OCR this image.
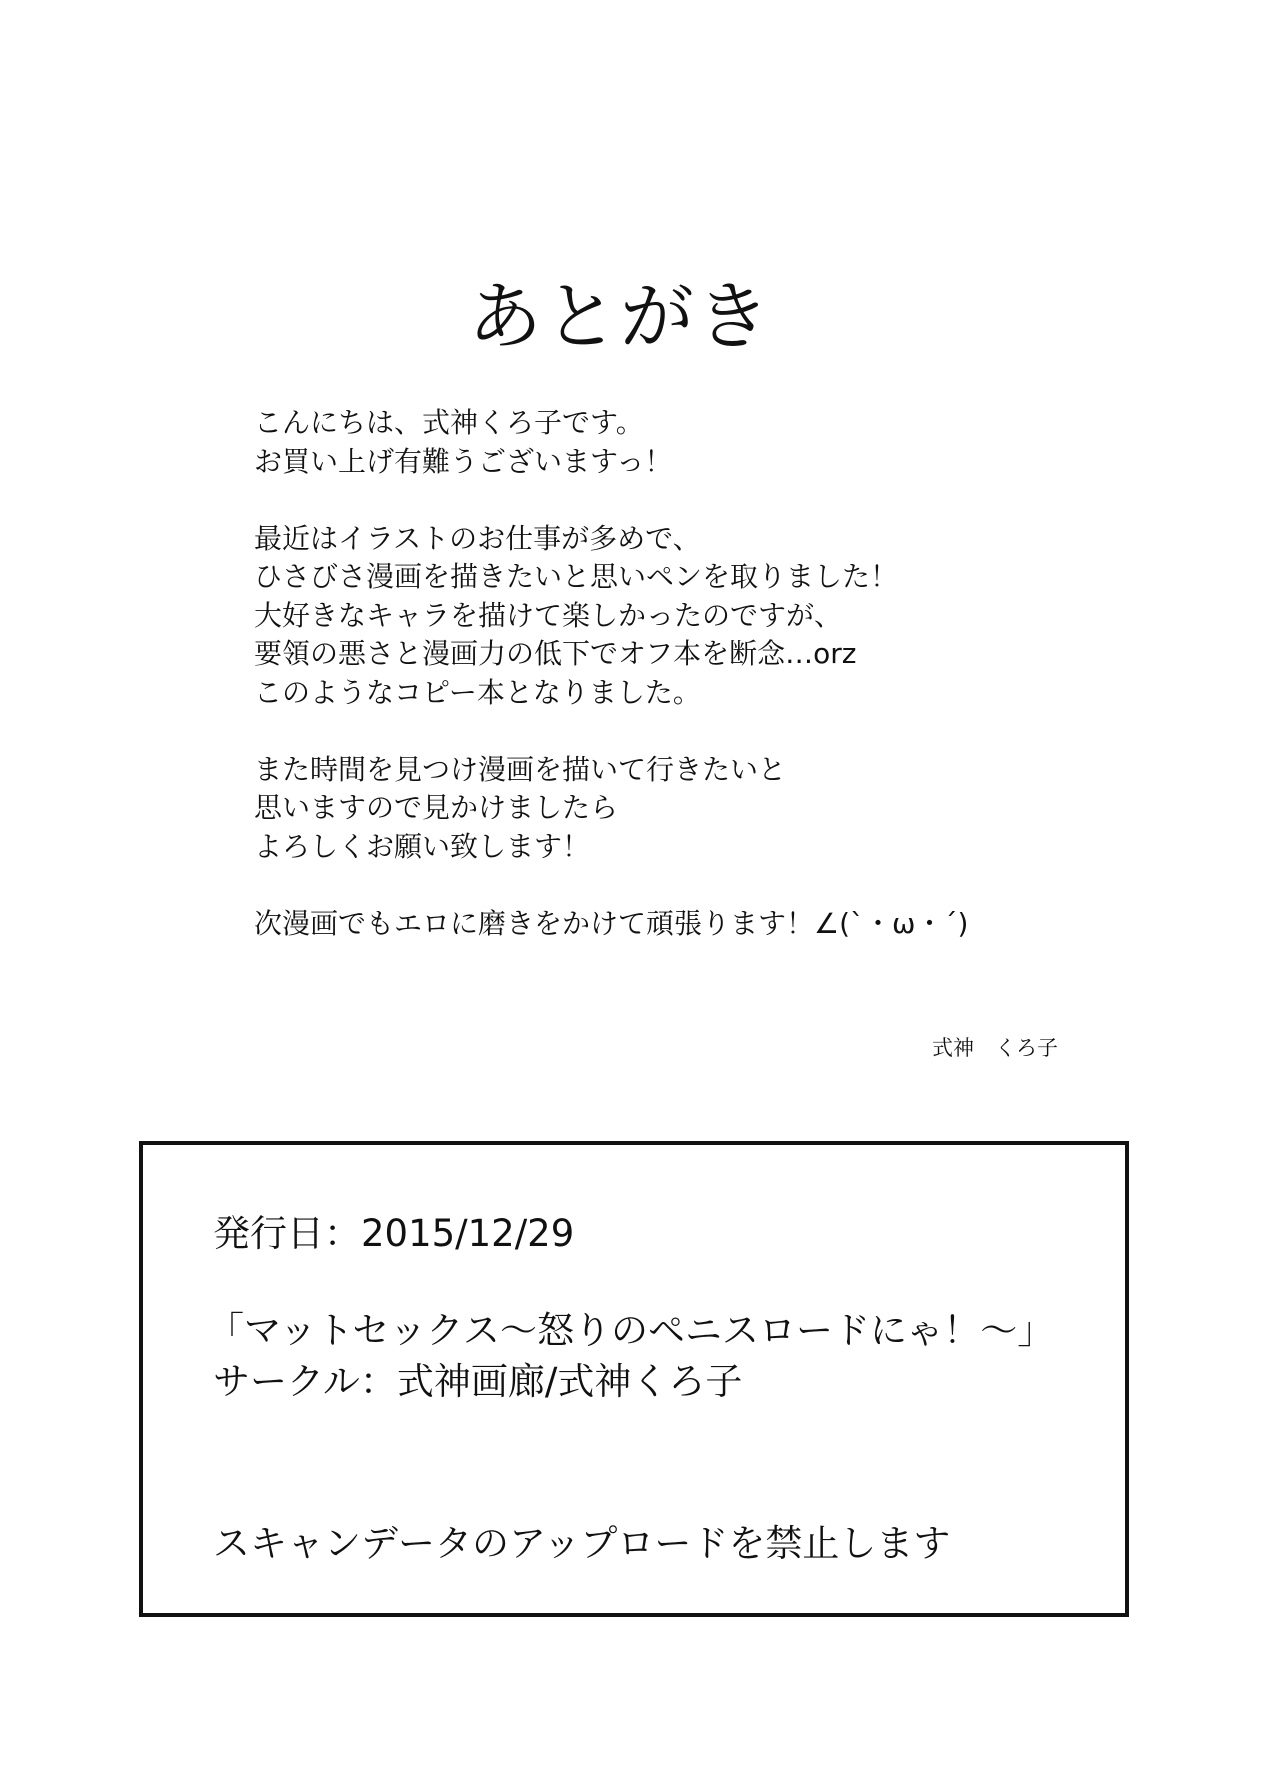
あとがき
こんにちは、式神くろ子です。
お買い上げ有難うございますっ！
最近はイラストのお仕事が多めで、
ひさびさ漫画を描きたいと思いペンを取りました！
大好きなキャラを描けて楽しかったのですが、
要領の悪さと漫画力の低下でオフ本を断念…orz
このようなコピー本となりました。
また時間を見つけ漫画を描いて行きたいと
思いますので見かけましたら
よろしくお願い致します！
次漫画でもエロに磨きをかけて頑張ります！∠(`・ω・´)
式神　くろ子
発行日：2015/12/29
「マットセックス～怒りのペニスロードにゃ！～」
サークル：式神画廊/式神くろ子
スキャンデータのアップロードを禁止します
